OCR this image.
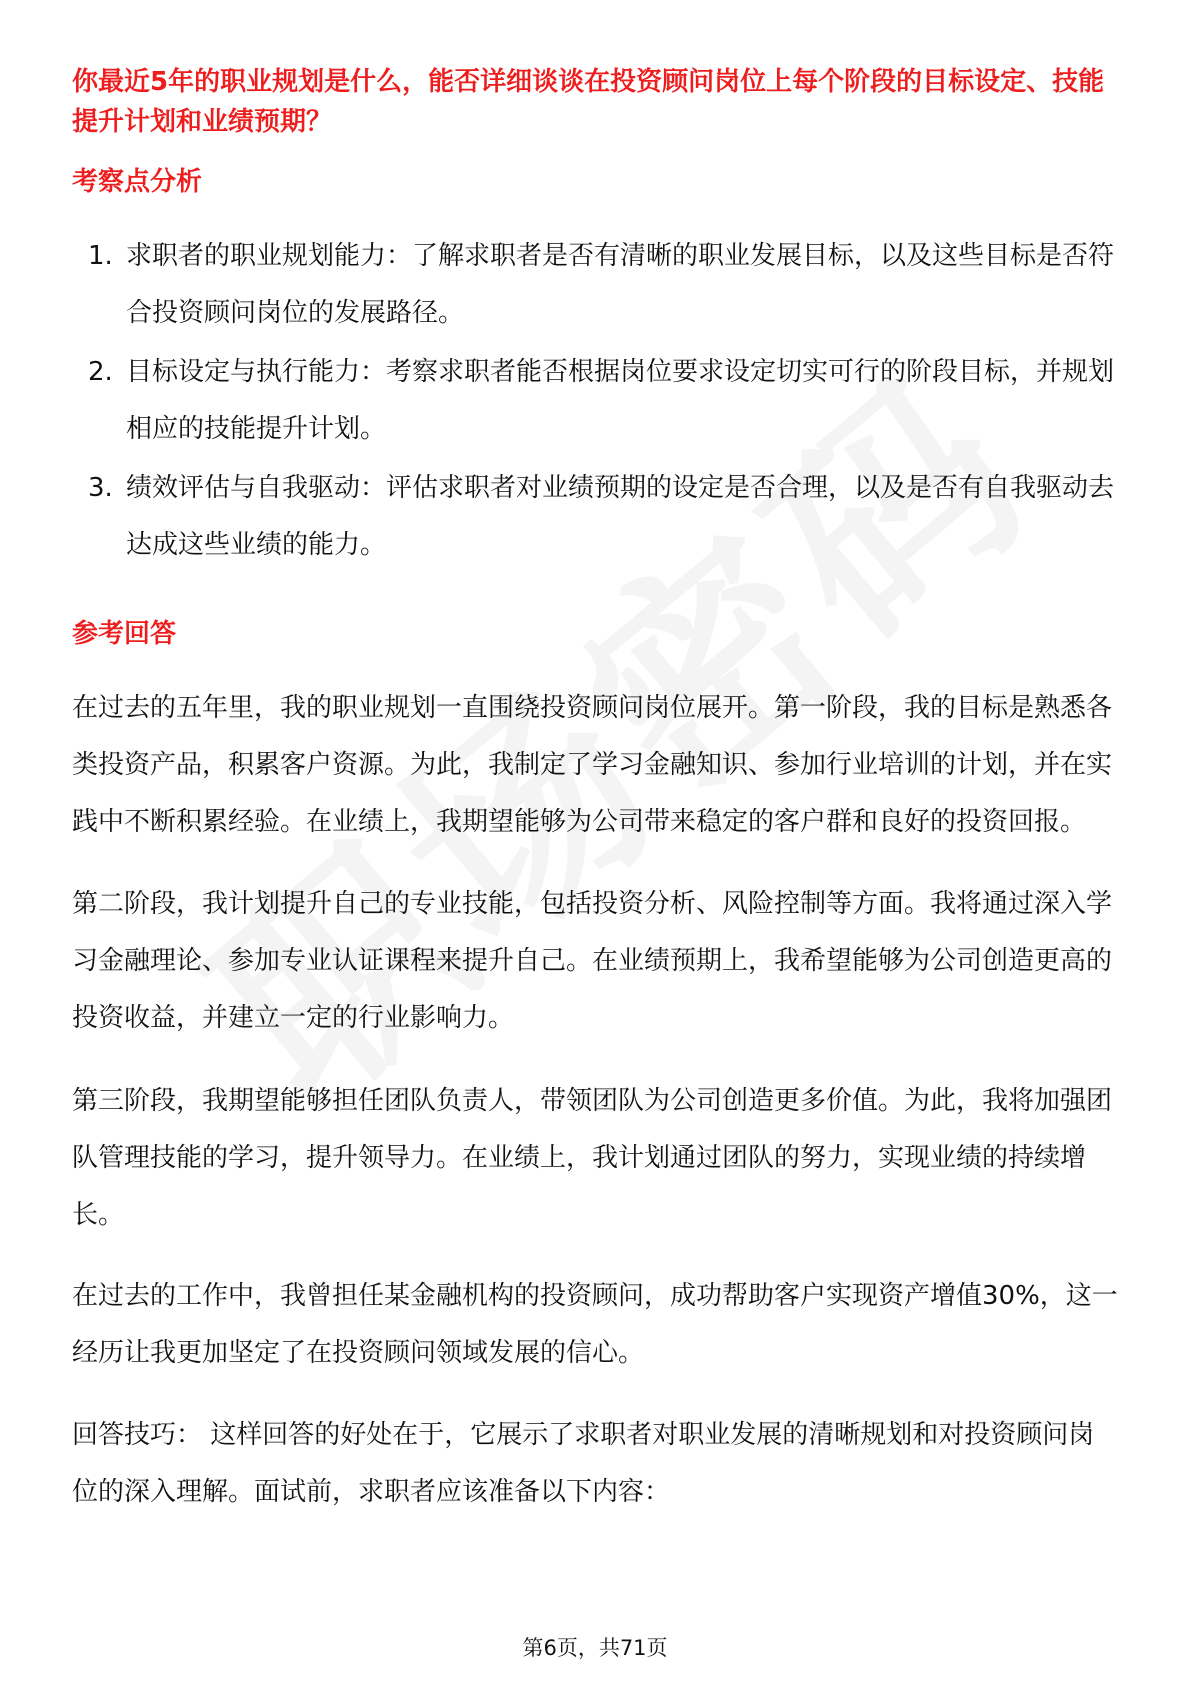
你最近5年的职业规划是什么，能否详细谈谈在投资顾问岗位上每个阶段的目标设定、技能提升计划和业绩预期？

考察点分析

1. 求职者的职业规划能力：了解求职者是否有清晰的职业发展目标，以及这些目标是否符合投资顾问岗位的发展路径。
2. 目标设定与执行能力：考察求职者能否根据岗位要求设定切实可行的阶段目标，并规划相应的技能提升计划。
3. 绩效评估与自我驱动：评估求职者对业绩预期的设定是否合理，以及是否有自我驱动去达成这些业绩的能力。

参考回答

在过去的五年里，我的职业规划一直围绕投资顾问岗位展开。第一阶段，我的目标是熟悉各类投资产品，积累客户资源。为此，我制定了学习金融知识、参加行业培训的计划，并在实践中不断积累经验。在业绩上，我期望能够为公司带来稳定的客户群和良好的投资回报。

第二阶段，我计划提升自己的专业技能，包括投资分析、风险控制等方面。我将通过深入学习金融理论、参加专业认证课程来提升自己。在业绩预期上，我希望能够为公司创造更高的投资收益，并建立一定的行业影响力。

第三阶段，我期望能够担任团队负责人，带领团队为公司创造更多价值。为此，我将加强团队管理技能的学习，提升领导力。在业绩上，我计划通过团队的努力，实现业绩的持续增长。

在过去的工作中，我曾担任某金融机构的投资顾问，成功帮助客户实现资产增值30%，这一经历让我更加坚定了在投资顾问领域发展的信心。

回答技巧： 这样回答的好处在于，它展示了求职者对职业发展的清晰规划和对投资顾问岗位的深入理解。面试前，求职者应该准备以下内容：

第6页，共71页
